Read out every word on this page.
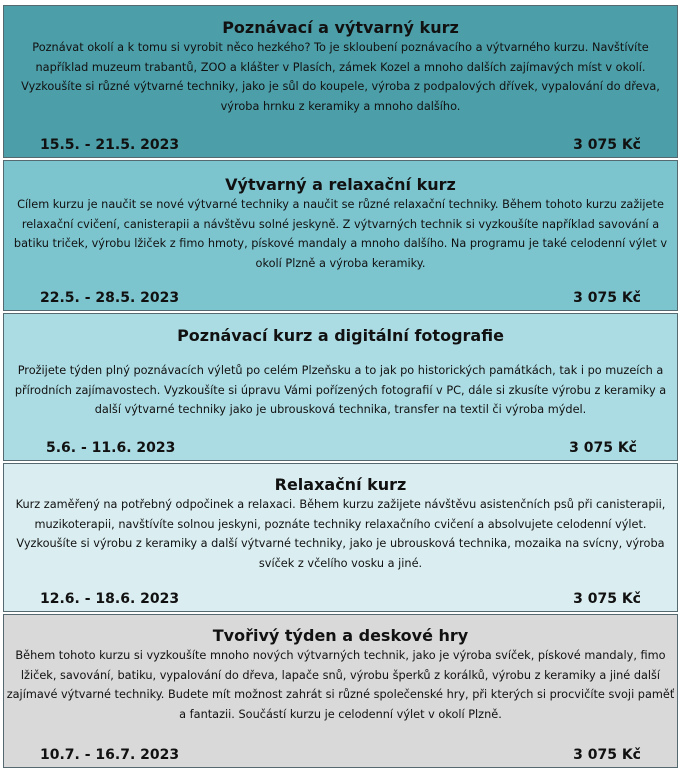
Poznávací a výtvarný kurz

Poznávat okolí a k tomu si vyrobit něco hezkého? To je skloubení poznávacího a výtvarného kurzu. Navštívíte například muzeum trabantů, ZOO a klášter v Plasích, zámek Kozel a mnoho dalších zajímavých míst v okolí. Vyzkoušíte si různé výtvarné techniky, jako je sůl do koupele, výroba z podpalových dřívek, vypalování do dřeva, výroba hrnku z keramiky a mnoho dalšího.

15.5. - 21.5. 2023	3 075 Kč
Výtvarný a relaxační kurz

Cílem kurzu je naučit se nové výtvarné techniky a naučit se různé relaxační techniky. Během tohoto kurzu zažijete relaxační cvičení, canisterapii a návštěvu solné jeskyně. Z výtvarných technik si vyzkoušíte například savování a batiku triček, výrobu lžiček z fimo hmoty, pískové mandaly a mnoho dalšího. Na programu je také celodenní výlet v okolí Plzně a výroba keramiky.

22.5. - 28.5. 2023	3 075 Kč
Poznávací kurz a digitální fotografie

Prožijete týden plný poznávacích výletů po celém Plzeňsku a to jak po historických památkách, tak i po muzeích a přírodních zajímavostech. Vyzkoušíte si úpravu Vámi pořízených fotografií v PC, dále si zkusíte výrobu z keramiky a další výtvarné techniky jako je ubrousková technika, transfer na textil či výroba mýdel.

5.6. - 11.6. 2023	3 075 Kč
Relaxační kurz

Kurz zaměřený na potřebný odpočinek a relaxaci. Během kurzu zažijete návštěvu asistenčních psů při canisterapii, muzikoterapii, navštívíte solnou jeskyni, poznáte techniky relaxačního cvičení a absolvujete celodenní výlet. Vyzkoušíte si výrobu z keramiky a další výtvarné techniky, jako je ubrousková technika, mozaika na svícny, výroba svíček z včelího vosku a jiné.

12.6. - 18.6. 2023	3 075 Kč
Tvořivý týden a deskové hry

Během tohoto kurzu si vyzkoušíte mnoho nových výtvarných technik, jako je výroba svíček, pískové mandaly, fimo lžiček, savování, batiku, vypalování do dřeva, lapače snů, výrobu šperků z korálků, výrobu z keramiky a jiné další zajímavé výtvarné techniky. Budete mít možnost zahrát si různé společenské hry, při kterých si procvičíte svoji paměť a fantazii. Součástí kurzu je celodenní výlet v okolí Plzně.

10.7. - 16.7. 2023	3 075 Kč
